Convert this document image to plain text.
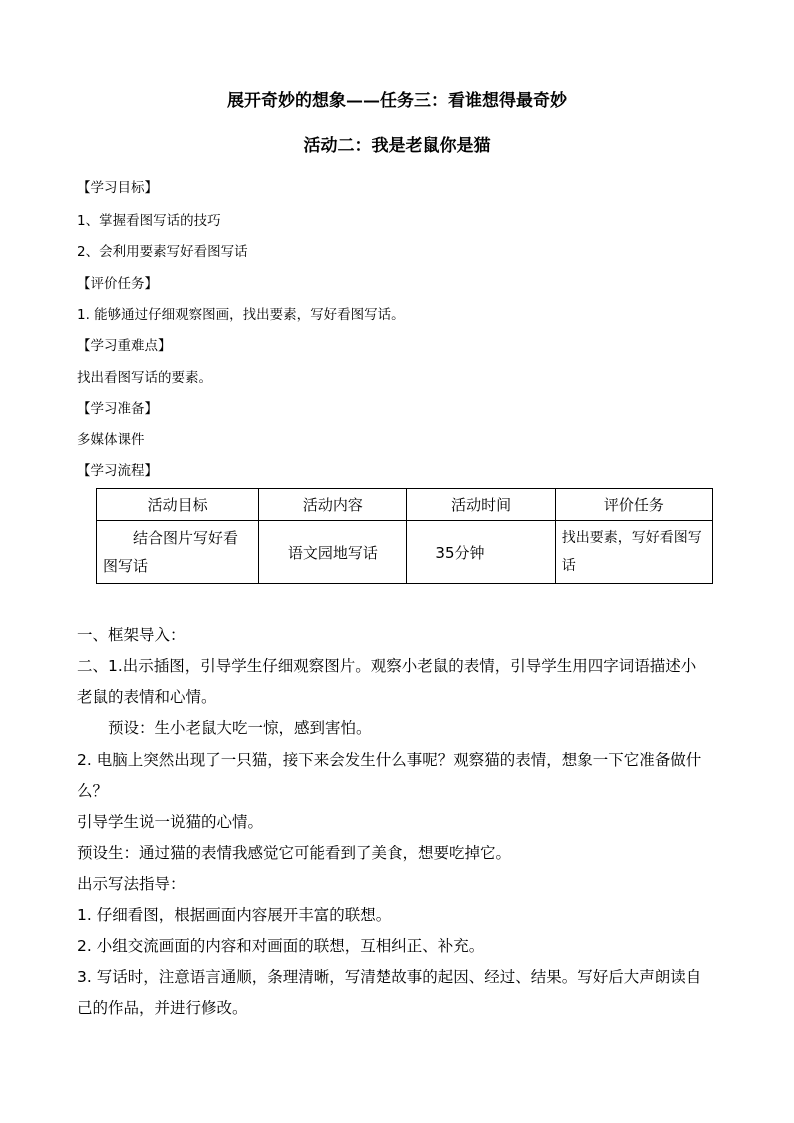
展开奇妙的想象——任务三：看谁想得最奇妙
活动二：我是老鼠你是猫
【学习目标】
1、掌握看图写话的技巧
2、会利用要素写好看图写话
【评价任务】
1. 能够通过仔细观察图画，找出要素，写好看图写话。
【学习重难点】
找出看图写话的要素。
【学习准备】
多媒体课件
【学习流程】
活动目标	活动内容	活动时间	评价任务
结合图片写好看图写话	语文园地写话	35分钟	找出要素，写好看图写话
一、框架导入：
二、1.出示插图，引导学生仔细观察图片。观察小老鼠的表情，引导学生用四字词语描述小
老鼠的表情和心情。
预设：生小老鼠大吃一惊，感到害怕。
2. 电脑上突然出现了一只猫，接下来会发生什么事呢？观察猫的表情，想象一下它准备做什
么？
引导学生说一说猫的心情。
预设生：通过猫的表情我感觉它可能看到了美食，想要吃掉它。
出示写法指导：
1. 仔细看图，根据画面内容展开丰富的联想。
2. 小组交流画面的内容和对画面的联想，互相纠正、补充。
3. 写话时，注意语言通顺，条理清晰，写清楚故事的起因、经过、结果。写好后大声朗读自
己的作品，并进行修改。
